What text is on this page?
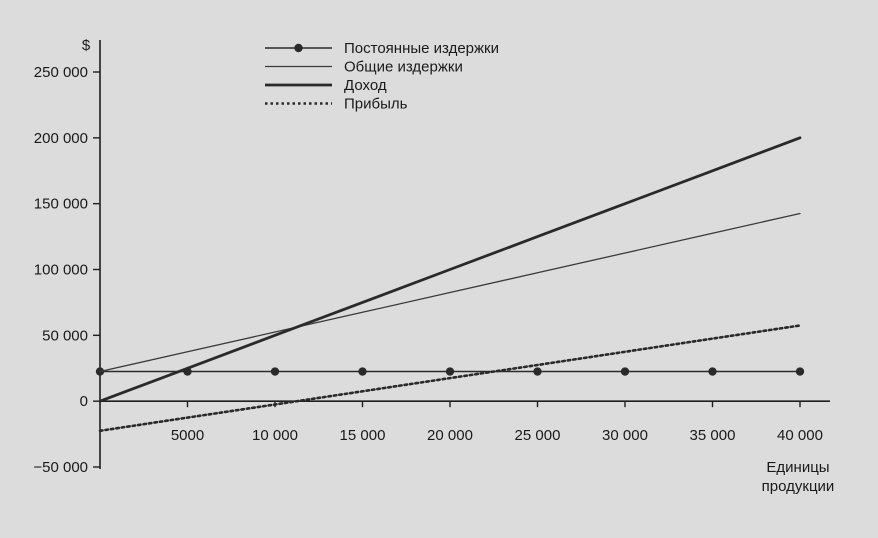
−50 000
0
50 000
100 000
150 000
200 000
250 000
5000	10 000	15 000	20 000	25 000	30 000	35 000	40 000
$
Единицы
продукции
Постоянные издержки
Общие издержки
Доход
Прибыль
